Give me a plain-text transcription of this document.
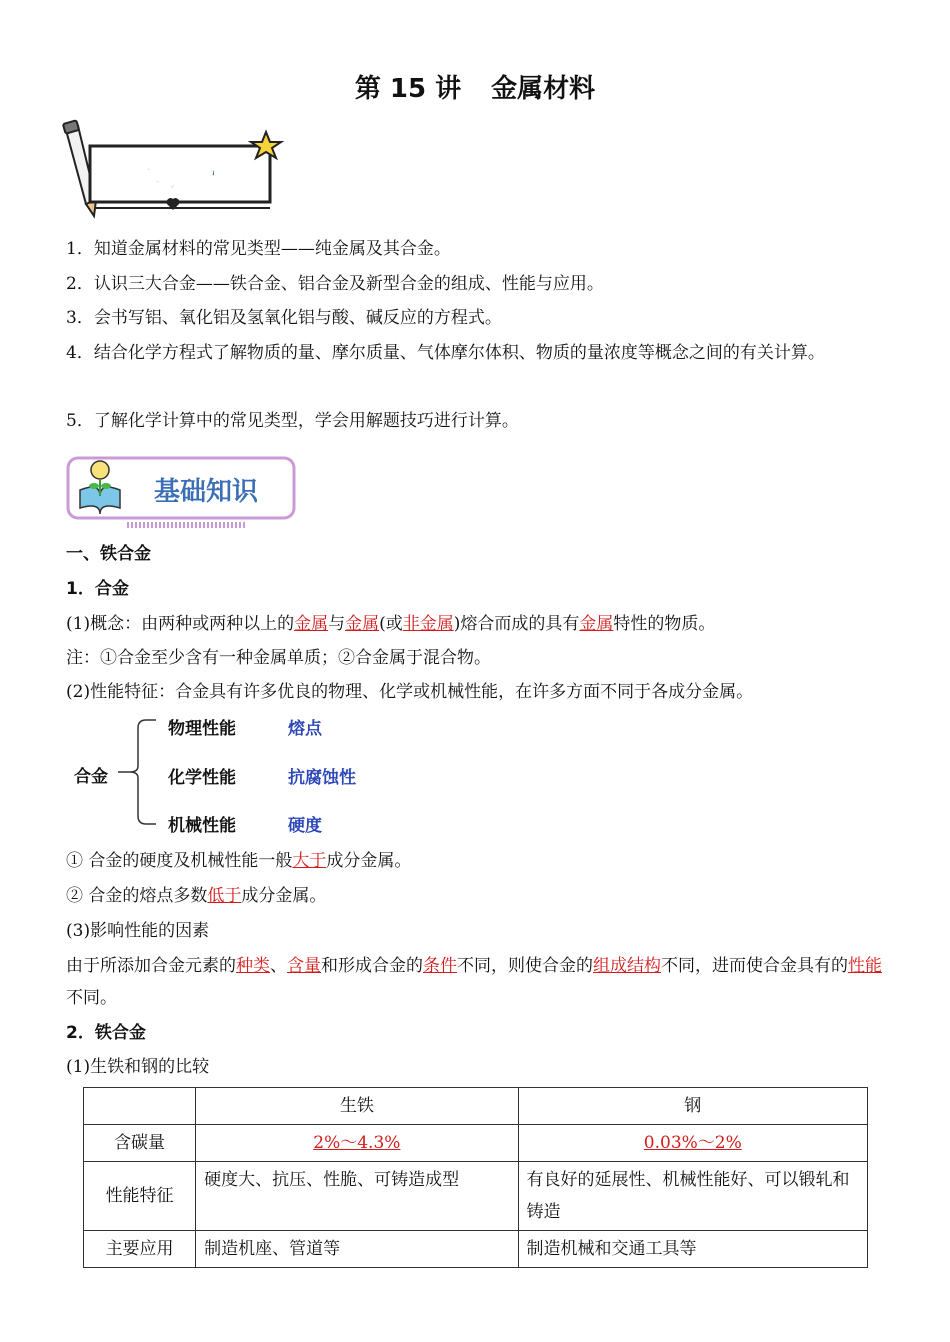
第 15 讲 金属材料
学习目标
1．知道金属材料的常见类型——纯金属及其合金。
2．认识三大合金——铁合金、铝合金及新型合金的组成、性能与应用。
3．会书写铝、氧化铝及氢氧化铝与酸、碱反应的方程式。
4．结合化学方程式了解物质的量、摩尔质量、气体摩尔体积、物质的量浓度等概念之间的有关计算。
5．了解化学计算中的常见类型，学会用解题技巧进行计算。
基础知识
一、铁合金
1．合金
(1)概念：由两种或两种以上的金属与金属(或非金属)熔合而成的具有金属特性的物质。
注：①合金至少含有一种金属单质；②合金属于混合物。
(2)性能特征：合金具有许多优良的物理、化学或机械性能，在许多方面不同于各成分金属。
合金
物理性能	熔点
化学性能	抗腐蚀性
机械性能	硬度
① 合金的硬度及机械性能一般大于成分金属。
② 合金的熔点多数低于成分金属。
(3)影响性能的因素
由于所添加合金元素的种类、含量和形成合金的条件不同，则使合金的组成结构不同，进而使合金具有的性能不同。
2．铁合金
(1)生铁和钢的比较
	生铁	钢
含碳量	2%～4.3%	0.03%～2%
性能特征	硬度大、抗压、性脆、可铸造成型	有良好的延展性、机械性能好、可以锻轧和铸造
主要应用	制造机座、管道等	制造机械和交通工具等
